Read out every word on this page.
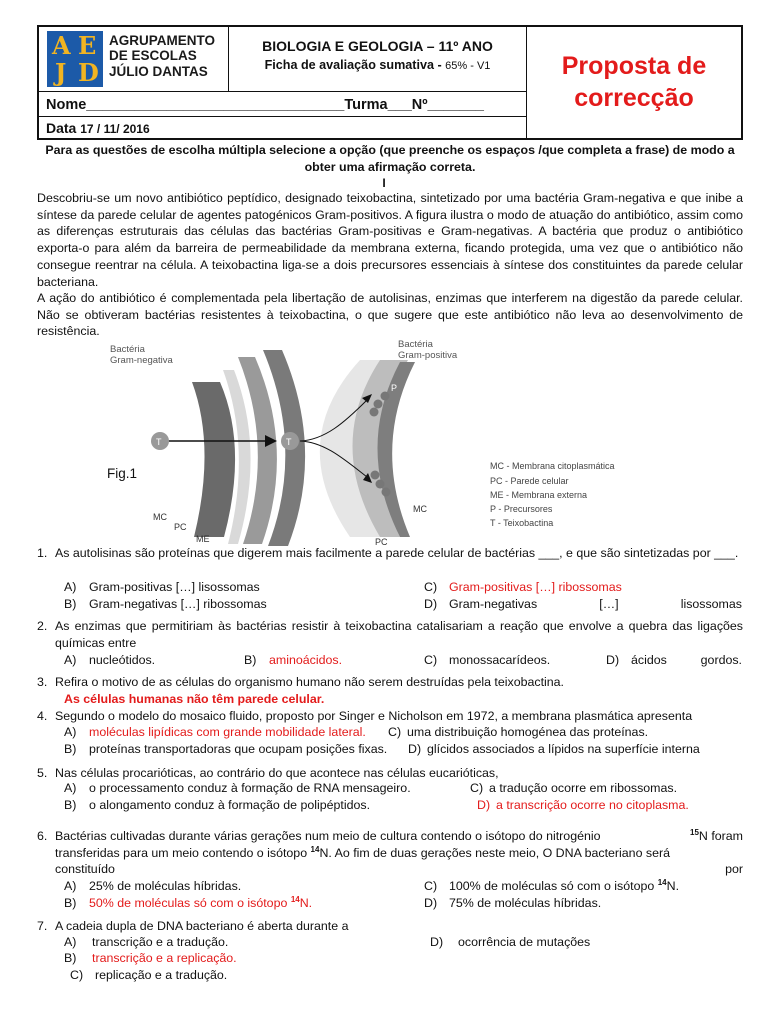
A E
J D
AGRUPAMENTO
DE ESCOLAS
JÚLIO DANTAS
BIOLOGIA E GEOLOGIA – 11º ANO
Ficha de avaliação sumativa - 65% - V1	Proposta de
correcção
Nome________________________________Turma___Nº_______
Data 17 / 11/ 2016
Para as questões de escolha múltipla selecione a opção (que preenche os espaços /que completa a frase) de modo a obter uma afirmação correta.
I
Descobriu-se um novo antibiótico peptídico, designado teixobactina, sintetizado por uma bactéria Gram-negativa e que inibe a síntese da parede celular de agentes patogénicos Gram-positivos. A figura ilustra o modo de atuação do antibiótico, assim como as diferenças estruturais das células das bactérias Gram-positivas e Gram-negativas. A bactéria que produz o antibiótico exporta-o para além da barreira de permeabilidade da membrana externa, ficando protegida, uma vez que o antibiótico não consegue reentrar na célula. A teixobactina liga-se a dois precursores essenciais à síntese dos constituintes da parede celular bacteriana.
A ação do antibiótico é complementada pela libertação de autolisinas, enzimas que interferem na digestão da parede celular. Não se obtiveram bactérias resistentes à teixobactina, o que sugere que este antibiótico não leva ao desenvolvimento de resistência.
Bactéria
Gram-negativa
T	T
P
P
Bactéria
Gram-positiva
MC
PC
ME
MC
PC
MC - Membrana citoplasmática
PC - Parede celular
ME - Membrana externa
P - Precursores
T - Teixobactina
Fig.1
1. As autolisinas são proteínas que digerem mais facilmente a parede celular de bactérias ___, e que são sintetizadas por ___.
A) Gram-positivas […] lisossomas
B) Gram-negativas […] ribossomas
C) Gram-positivas […] ribossomas
D) Gram-negativas	[…]	lisossomas
2. As enzimas que permitiriam às bactérias resistir à teixobactina catalisariam a reação que envolve a quebra das ligações químicas entre
A) nucleótidos.	B) aminoácidos.	C) monossacarídeos.	D) ácidos	gordos.
3. Refira o motivo de as células do organismo humano não serem destruídas pela teixobactina.
As células humanas não têm parede celular.
4. Segundo o modelo do mosaico fluido, proposto por Singer e Nicholson em 1972, a membrana plasmática apresenta
A) moléculas lipídicas com grande mobilidade lateral.
B) proteínas transportadoras que ocupam posições fixas.
C) uma distribuição homogénea das proteínas.
D) glícidos associados a lípidos na superfície interna
5. Nas células procarióticas, ao contrário do que acontece nas células eucarióticas,
A) o processamento conduz à formação de RNA mensageiro.
B) o alongamento conduz à formação de polipéptidos.
C) a tradução ocorre em ribossomas.
D) a transcrição ocorre no citoplasma.
6. Bactérias cultivadas durante várias gerações num meio de cultura contendo o isótopo do nitrogénio	$^{15}$N foram
transferidas para um meio contendo o isótopo $^{14}$N. Ao fim de duas gerações neste meio, O DNA bacteriano será
constituído	por
A) 25% de moléculas híbridas.
B) 50% de moléculas só com o isótopo $^{14}$N.
C) 100% de moléculas só com o isótopo $^{14}$N.
D) 75% de moléculas híbridas.
7. A cadeia dupla de DNA bacteriano é aberta durante a
A) transcrição e a tradução.
B) transcrição e a replicação.
C) replicação e a tradução.
D) ocorrência de mutações
